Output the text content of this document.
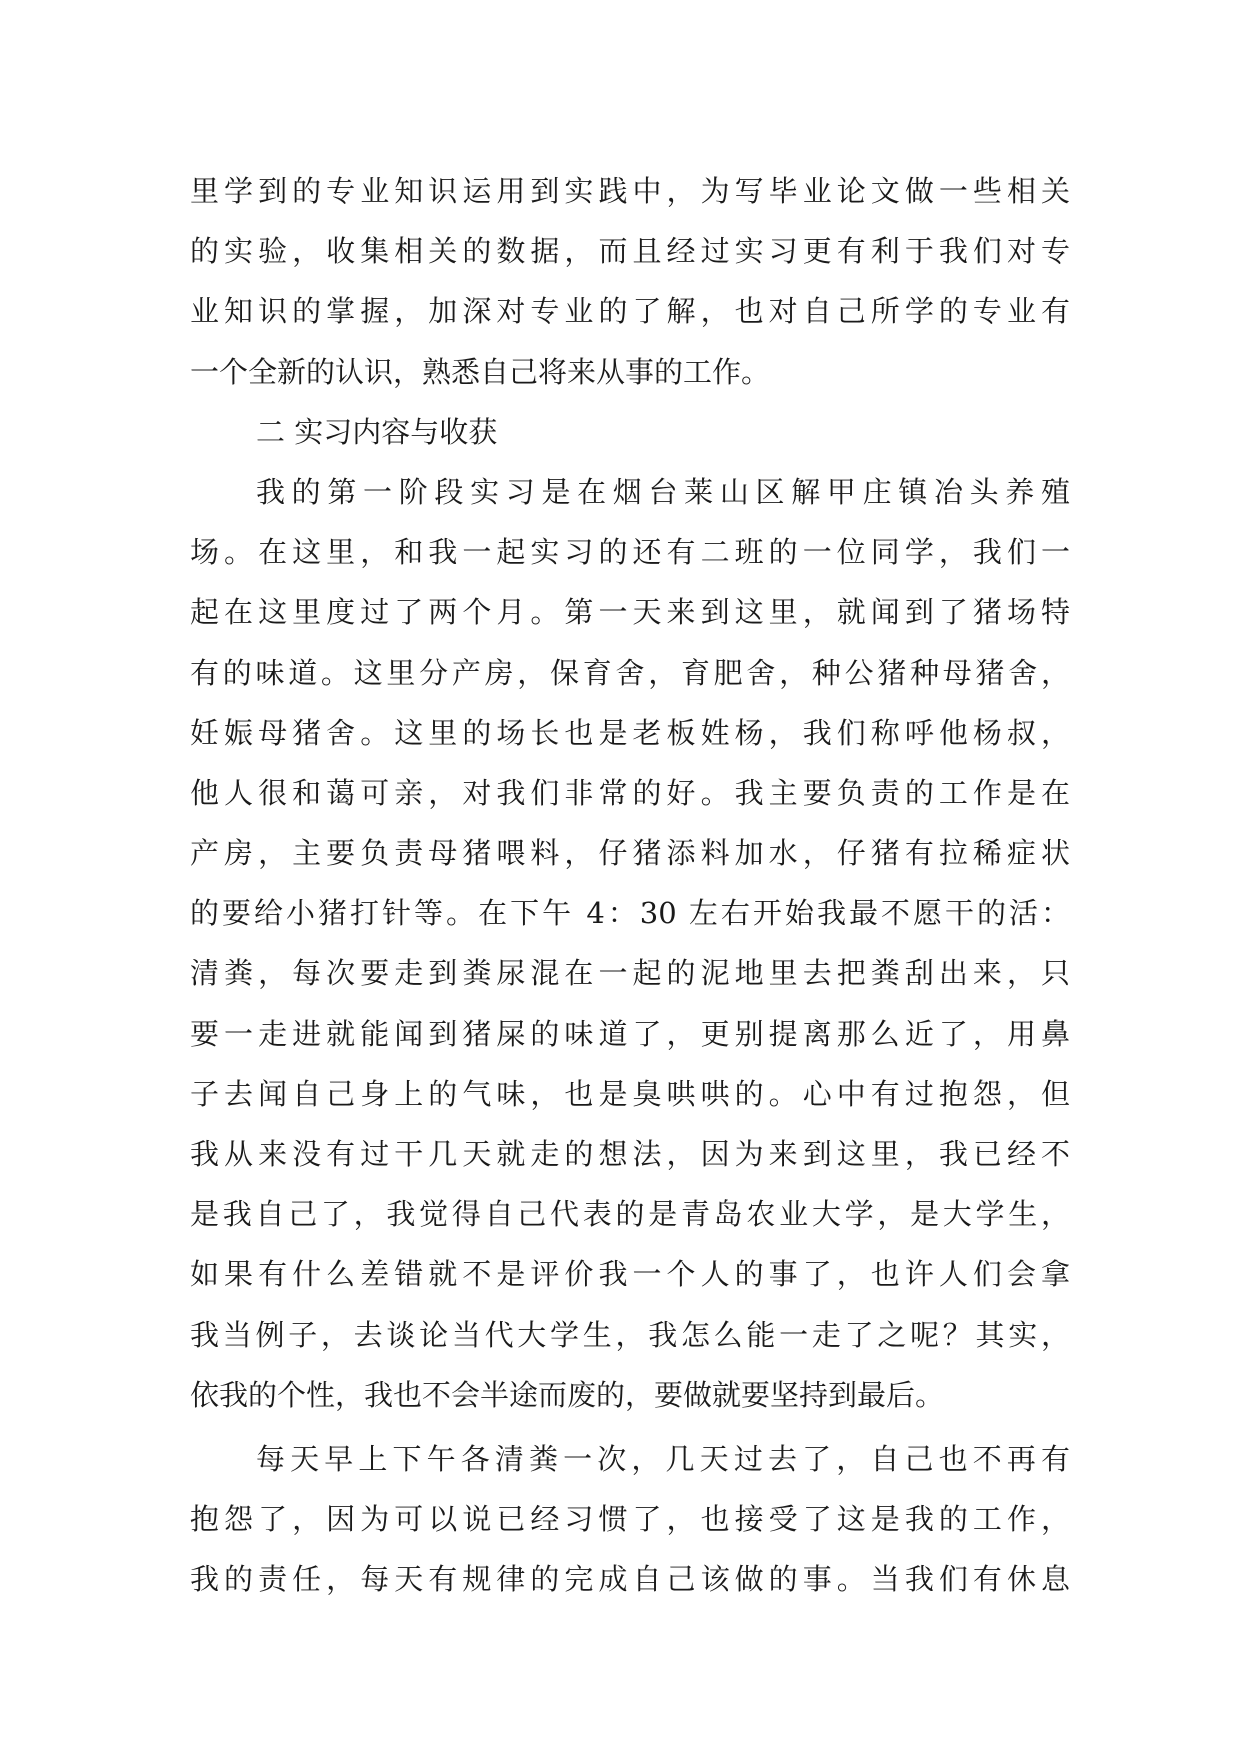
里学到的专业知识运用到实践中，为写毕业论文做一些相关
的实验，收集相关的数据，而且经过实习更有利于我们对专
业知识的掌握，加深对专业的了解，也对自己所学的专业有
一个全新的认识，熟悉自己将来从事的工作。
二 实习内容与收获
我的第一阶段实习是在烟台莱山区解甲庄镇冶头养殖
场。在这里，和我一起实习的还有二班的一位同学，我们一
起在这里度过了两个月。第一天来到这里，就闻到了猪场特
有的味道。这里分产房，保育舍，育肥舍，种公猪种母猪舍，
妊娠母猪舍。这里的场长也是老板姓杨，我们称呼他杨叔，
他人很和蔼可亲，对我们非常的好。我主要负责的工作是在
产房，主要负责母猪喂料，仔猪添料加水，仔猪有拉稀症状
的要给小猪打针等。在下午 4：30 左右开始我最不愿干的活：
清粪，每次要走到粪尿混在一起的泥地里去把粪刮出来，只
要一走进就能闻到猪屎的味道了，更别提离那么近了，用鼻
子去闻自己身上的气味，也是臭哄哄的。心中有过抱怨，但
我从来没有过干几天就走的想法，因为来到这里，我已经不
是我自己了，我觉得自己代表的是青岛农业大学，是大学生，
如果有什么差错就不是评价我一个人的事了，也许人们会拿
我当例子，去谈论当代大学生，我怎么能一走了之呢？其实，
依我的个性，我也不会半途而废的，要做就要坚持到最后。
每天早上下午各清粪一次，几天过去了，自己也不再有
抱怨了，因为可以说已经习惯了，也接受了这是我的工作，
我的责任，每天有规律的完成自己该做的事。当我们有休息
